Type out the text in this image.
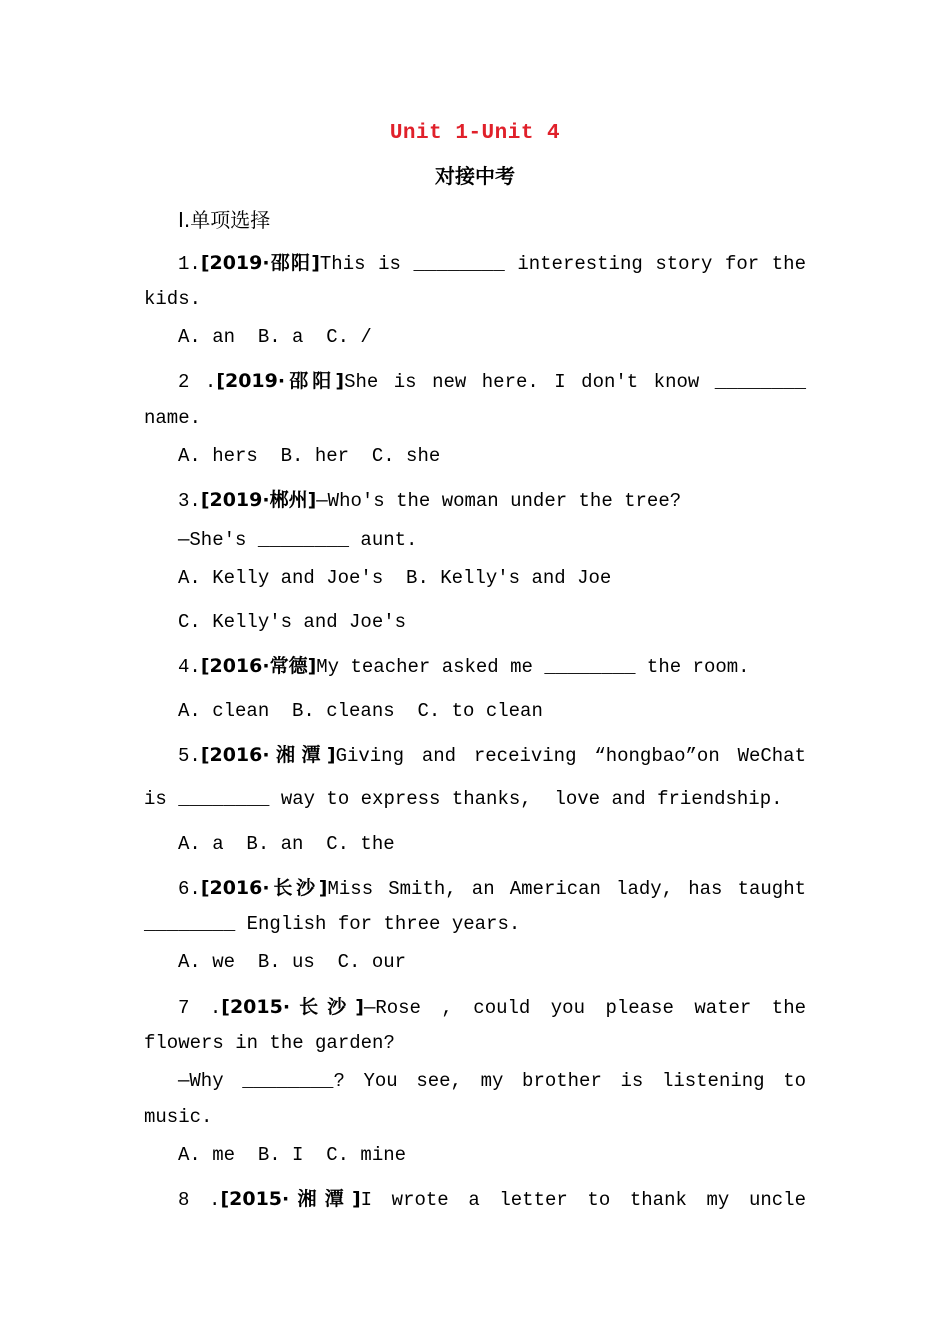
Unit 1-Unit 4
对接中考
Ⅰ.单项选择
1.[2019·邵阳]This is ________ interesting story for the
kids.
A. an  B. a  C. /
2 .[2019·邵阳]She is new here. I don't know ________
name.
A. hers  B. her  C. she
3.[2019·郴州]—Who's the woman under the tree?
—She's ________ aunt.
A. Kelly and Joe's  B. Kelly's and Joe
C. Kelly's and Joe's
4.[2016·常德]My teacher asked me ________ the room.
A. clean  B. cleans  C. to clean
5.[2016·湘潭]Giving and receiving “hongbao”on WeChat
is ________ way to express thanks,  love and friendship.
A. a  B. an  C. the
6.[2016·长沙]Miss Smith, an American lady, has taught
________ English for three years.
A. we  B. us  C. our
7 .[2015·长沙]—Rose , could you please water the
flowers in the garden?
—Why ________? You see, my brother is listening to
music.
A. me  B. I  C. mine
8 .[2015·湘潭]I wrote a letter to thank my uncle
